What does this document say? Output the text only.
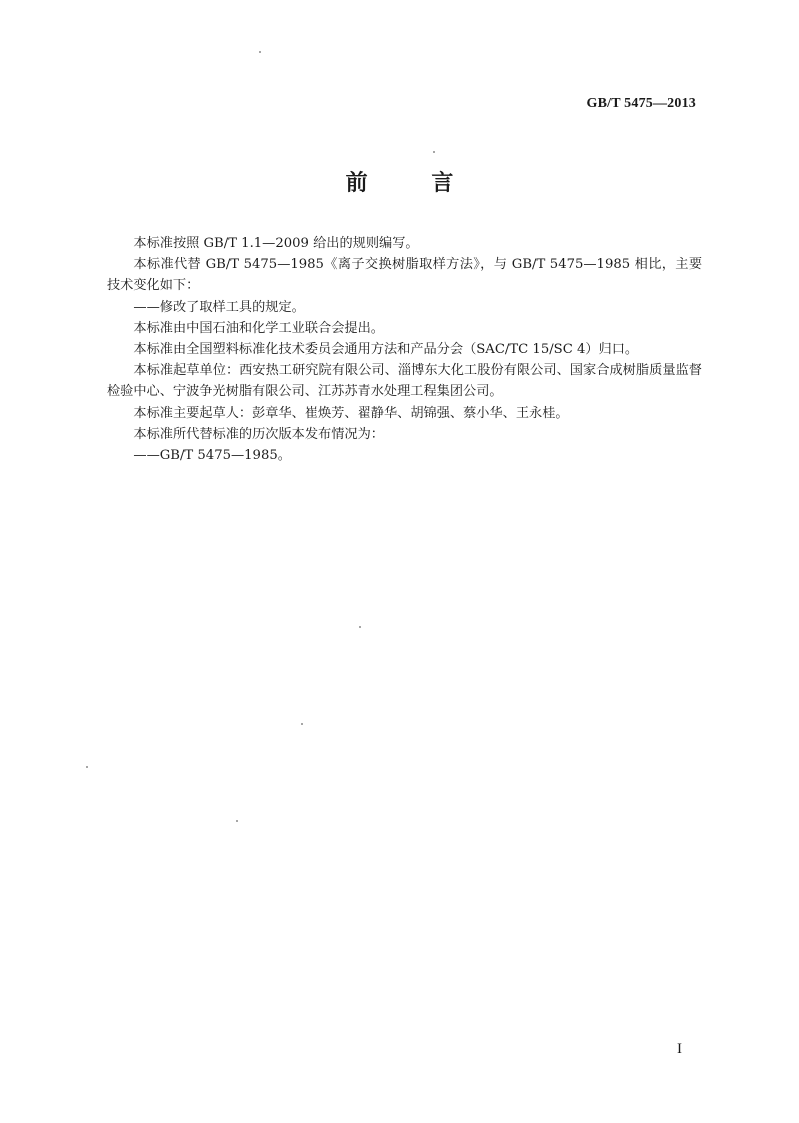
GB/T 5475—2013
前 言

本标准按照 GB/T 1.1—2009 给出的规则编写。

本标准代替 GB/T 5475—1985《离子交换树脂取样方法》，与 GB/T 5475—1985 相比，主要技术变化如下：

——修改了取样工具的规定。

本标准由中国石油和化学工业联合会提出。

本标准由全国塑料标准化技术委员会通用方法和产品分会（SAC/TC 15/SC 4）归口。

本标准起草单位：西安热工研究院有限公司、淄博东大化工股份有限公司、国家合成树脂质量监督检验中心、宁波争光树脂有限公司、江苏苏青水处理工程集团公司。

本标准主要起草人：彭章华、崔焕芳、翟静华、胡锦强、蔡小华、王永桂。

本标准所代替标准的历次版本发布情况为：

——GB/T 5475—1985。

I
